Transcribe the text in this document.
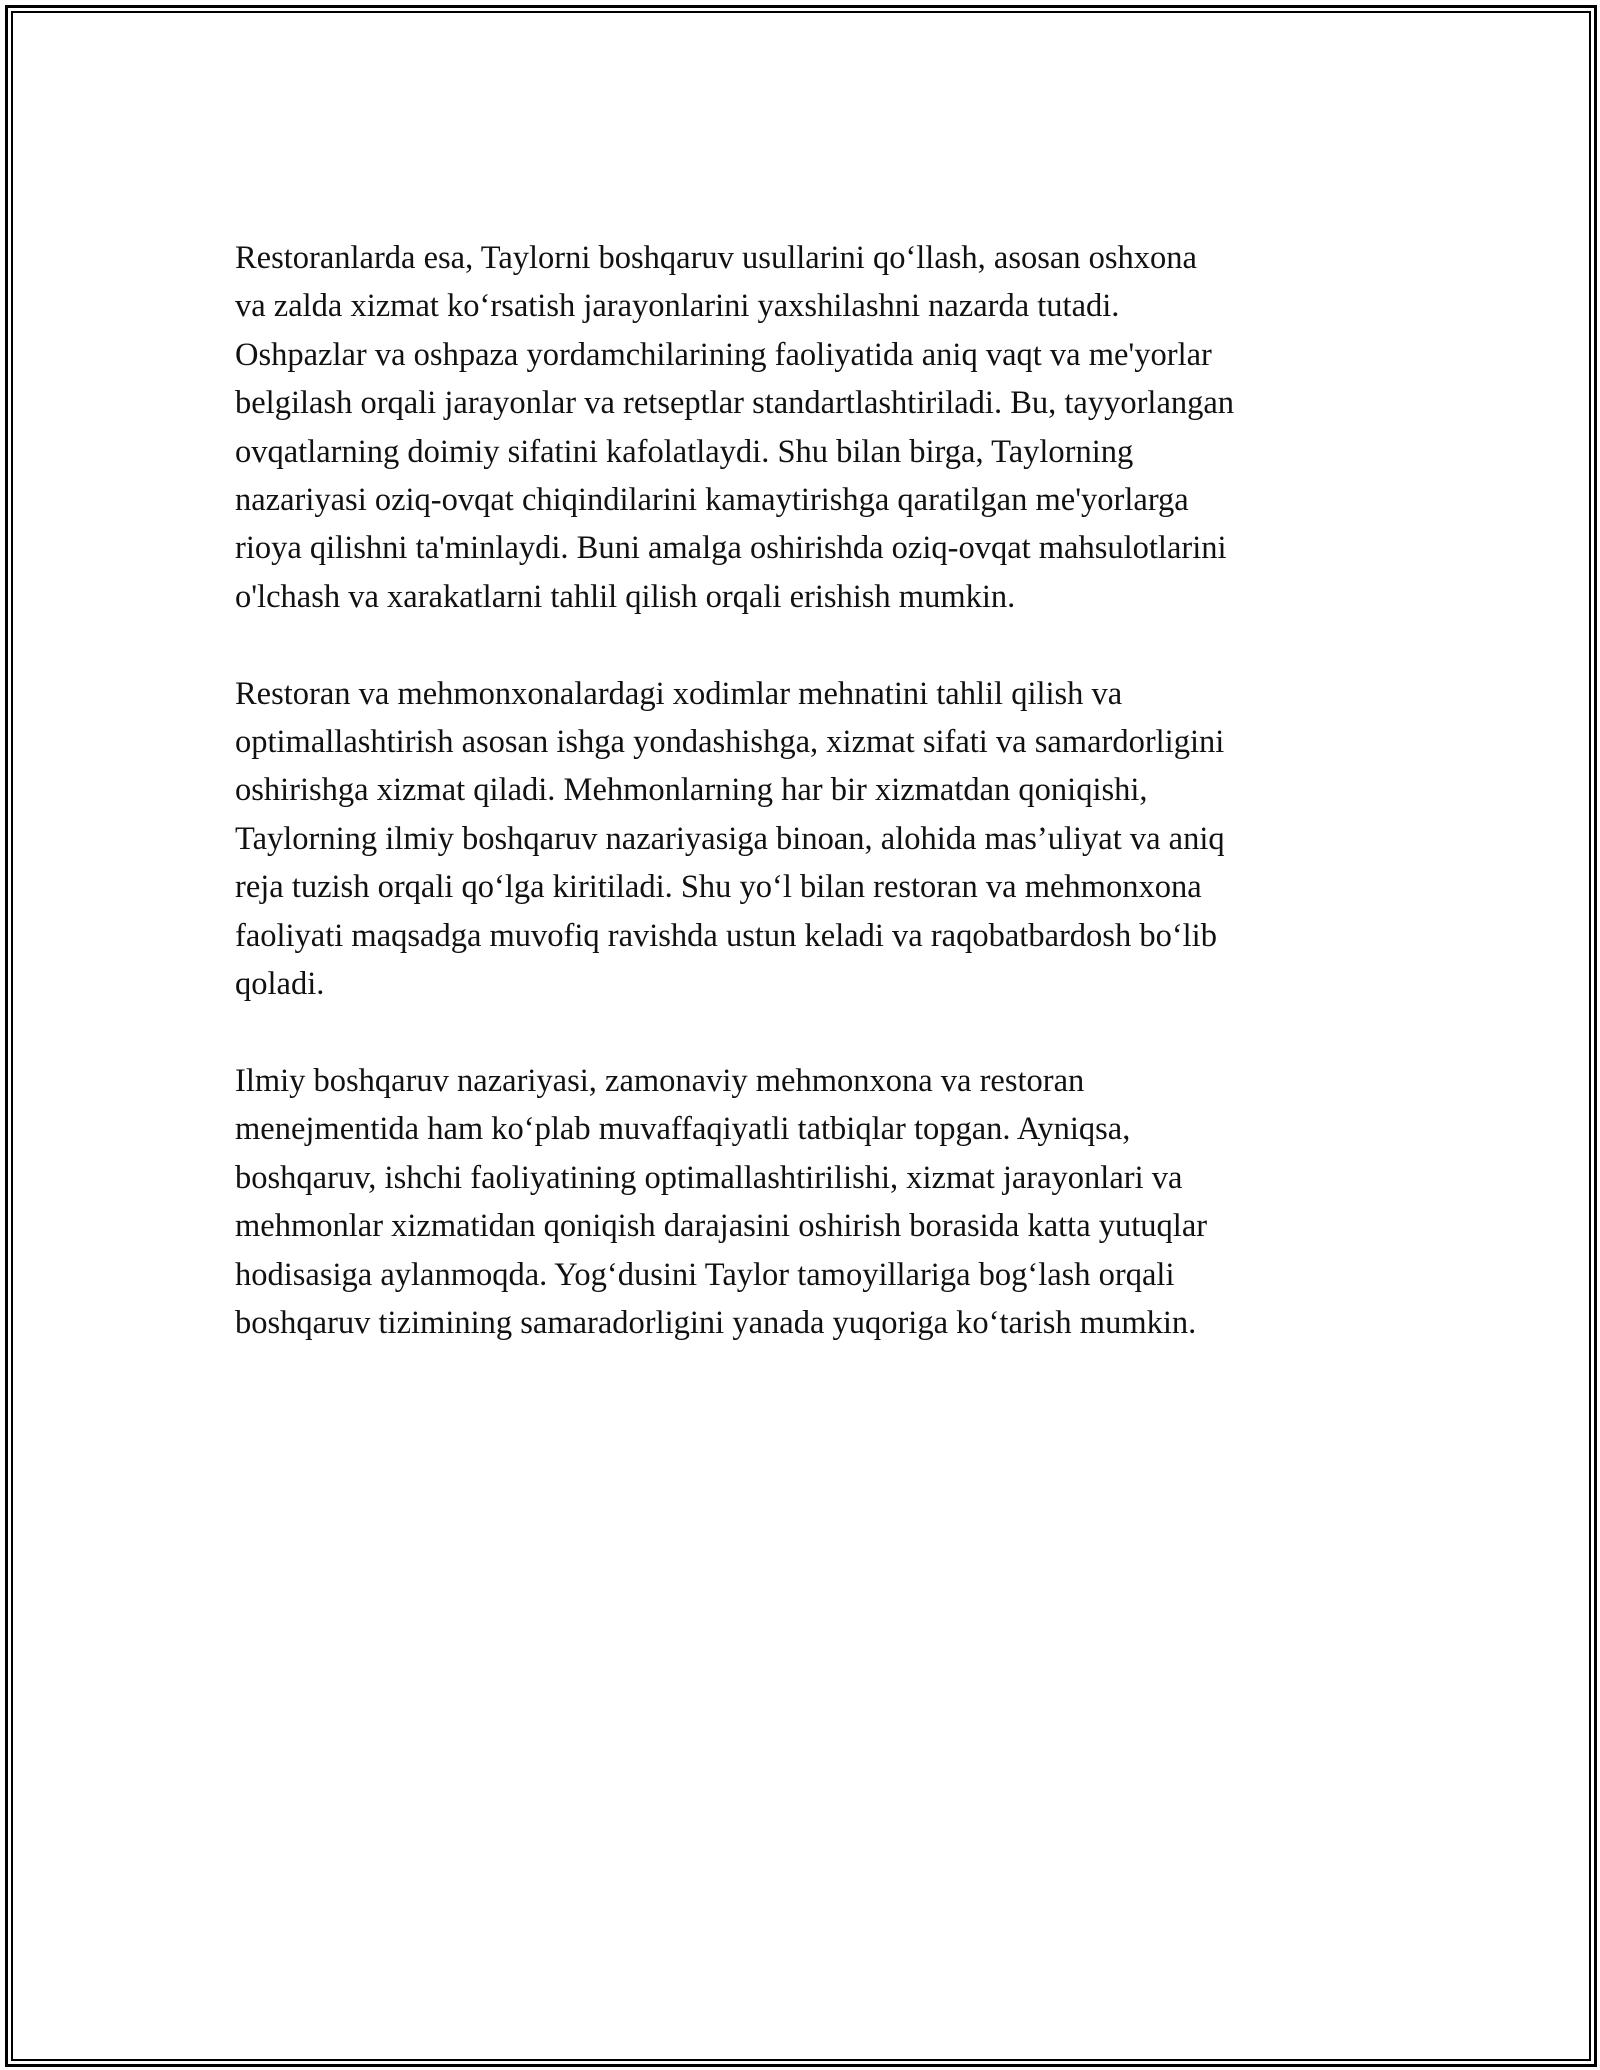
Restoranlarda esa, Taylorni boshqaruv usullarini qo‘llash, asosan oshxona
va zalda xizmat ko‘rsatish jarayonlarini yaxshilashni nazarda tutadi.
Oshpazlar va oshpaza yordamchilarining faoliyatida aniq vaqt va me'yorlar
belgilash orqali jarayonlar va retseptlar standartlashtiriladi. Bu, tayyorlangan
ovqatlarning doimiy sifatini kafolatlaydi. Shu bilan birga, Taylorning
nazariyasi oziq-ovqat chiqindilarini kamaytirishga qaratilgan me'yorlarga
rioya qilishni ta'minlaydi. Buni amalga oshirishda oziq-ovqat mahsulotlarini
o'lchash va xarakatlarni tahlil qilish orqali erishish mumkin.

Restoran va mehmonxonalardagi xodimlar mehnatini tahlil qilish va
optimallashtirish asosan ishga yondashishga, xizmat sifati va samardorligini
oshirishga xizmat qiladi. Mehmonlarning har bir xizmatdan qoniqishi,
Taylorning ilmiy boshqaruv nazariyasiga binoan, alohida mas’uliyat va aniq
reja tuzish orqali qo‘lga kiritiladi. Shu yo‘l bilan restoran va mehmonxona
faoliyati maqsadga muvofiq ravishda ustun keladi va raqobatbardosh bo‘lib
qoladi.

Ilmiy boshqaruv nazariyasi, zamonaviy mehmonxona va restoran
menejmentida ham ko‘plab muvaffaqiyatli tatbiqlar topgan. Ayniqsa,
boshqaruv, ishchi faoliyatining optimallashtirilishi, xizmat jarayonlari va
mehmonlar xizmatidan qoniqish darajasini oshirish borasida katta yutuqlar
hodisasiga aylanmoqda. Yog‘dusini Taylor tamoyillariga bog‘lash orqali
boshqaruv tizimining samaradorligini yanada yuqoriga ko‘tarish mumkin.
